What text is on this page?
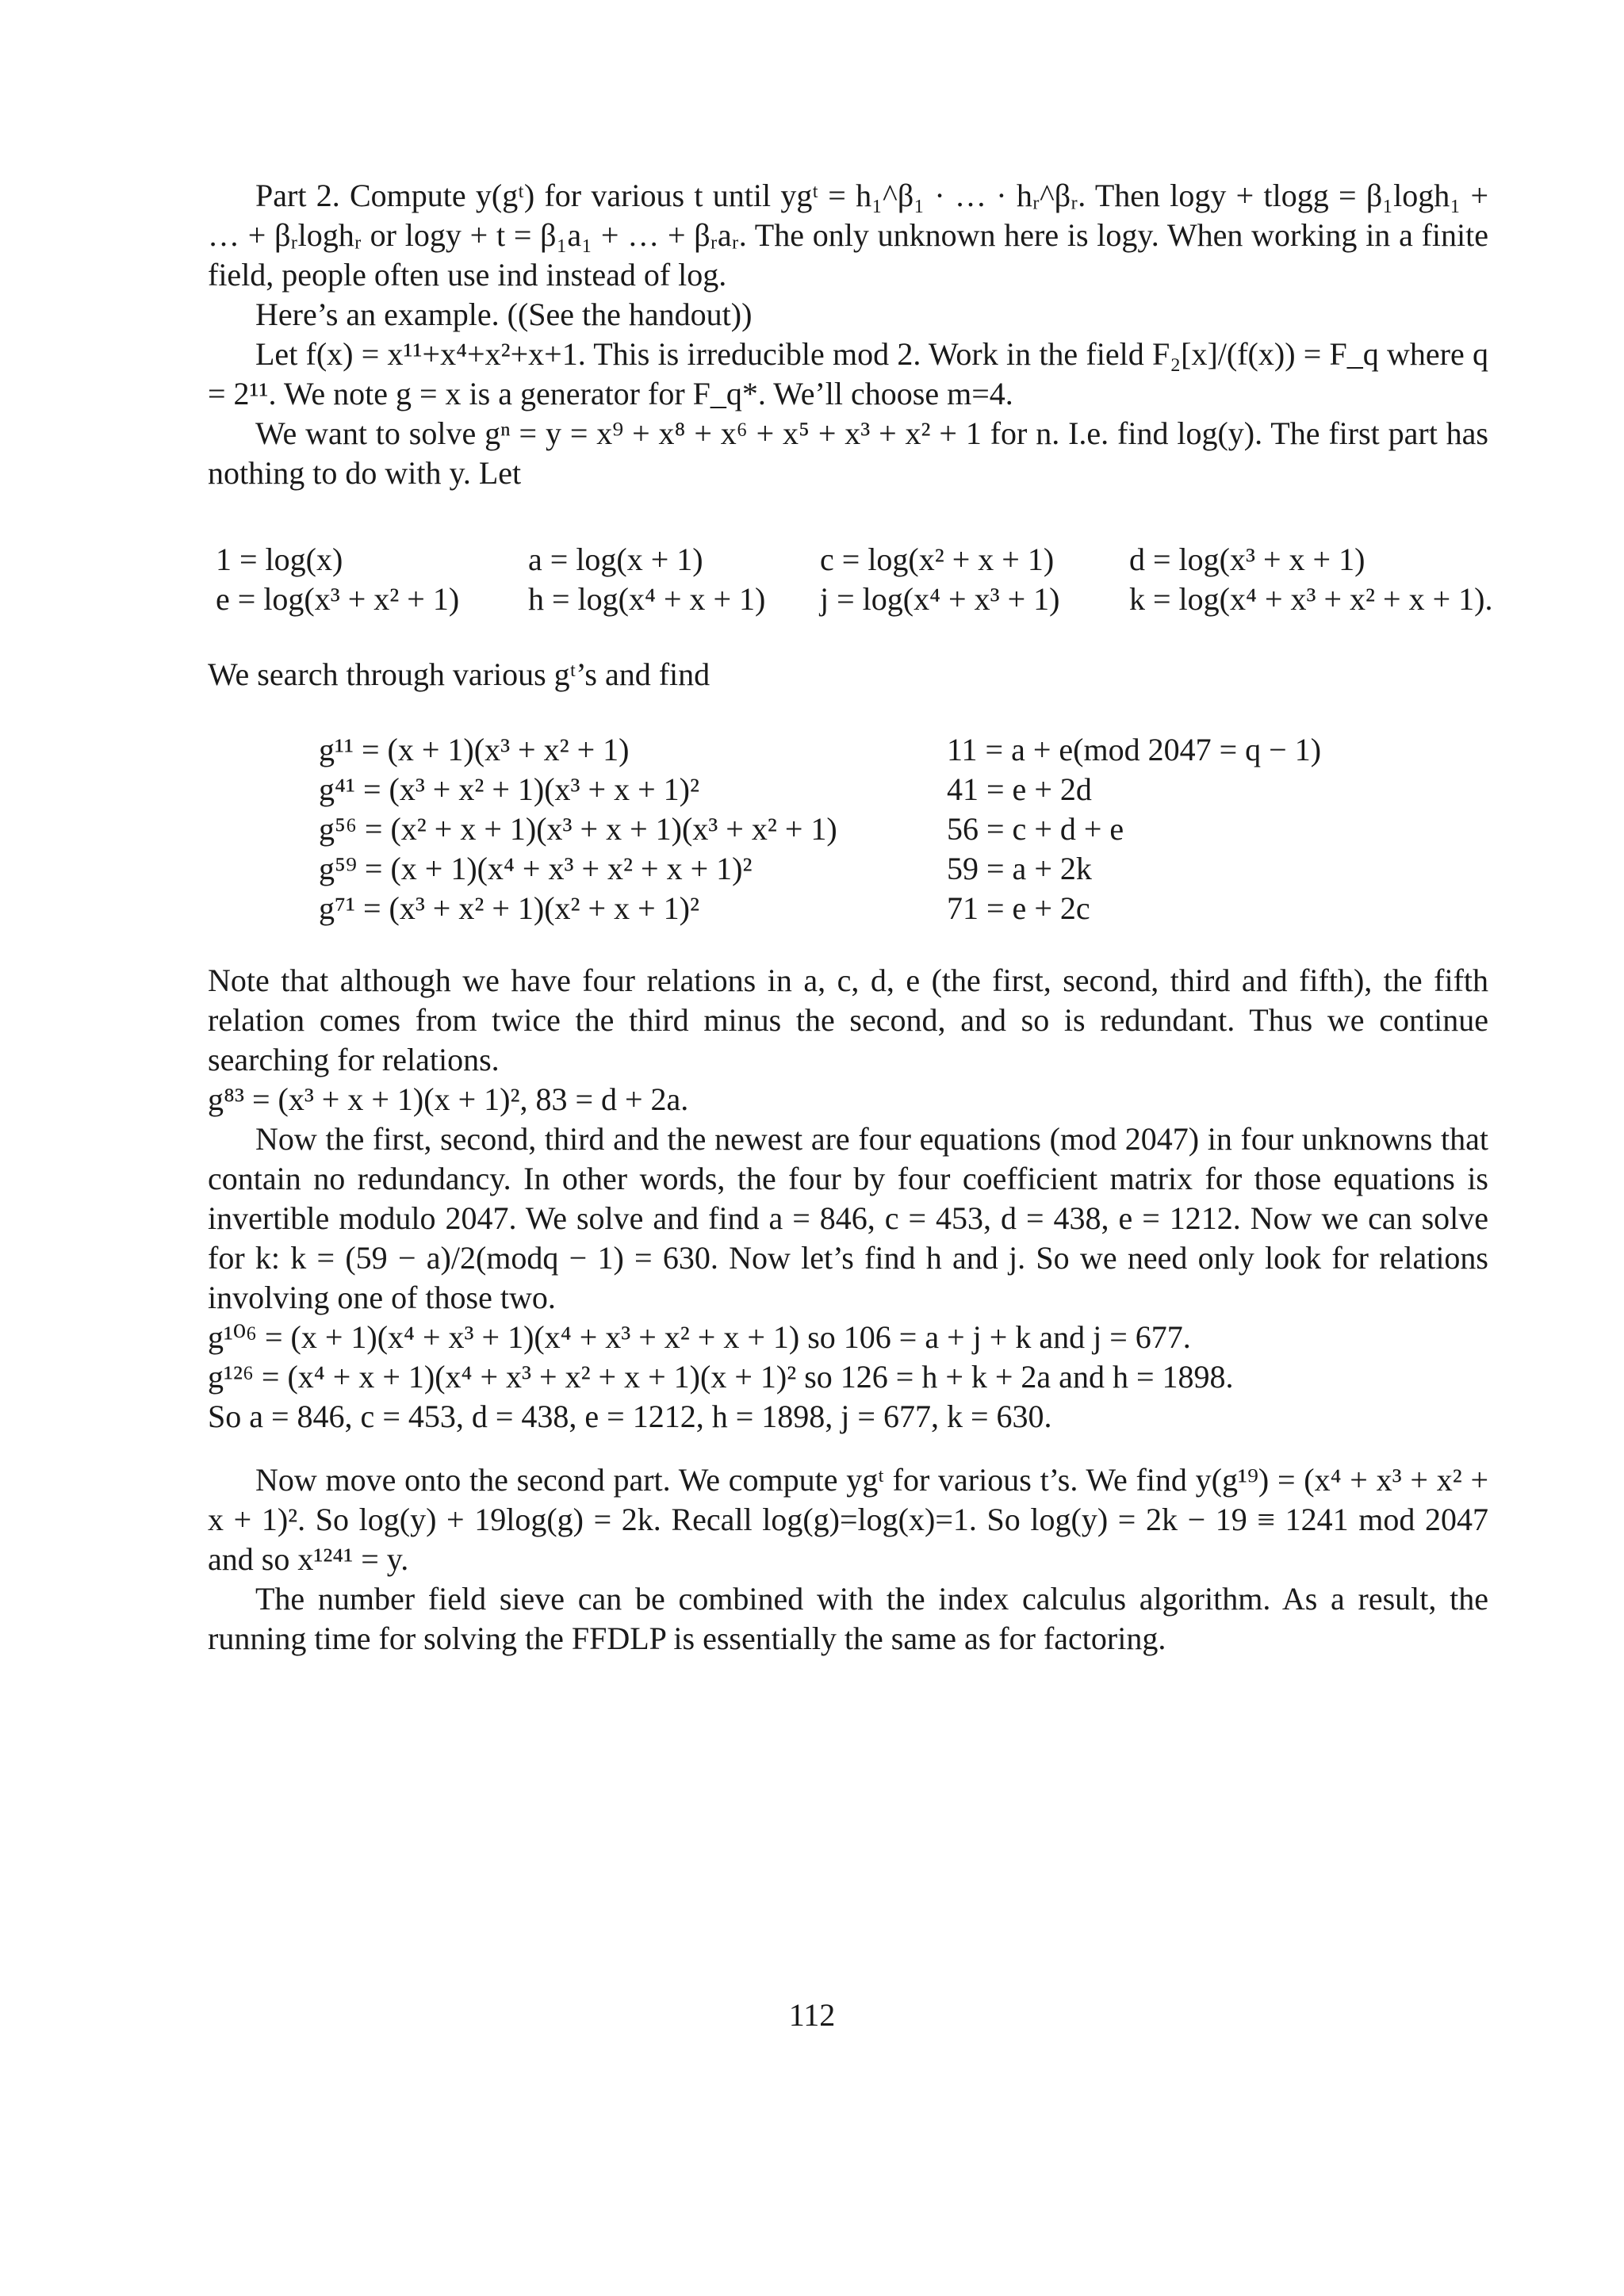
Part 2. Compute y(gᵗ) for various t until ygᵗ = h₁^β₁ · … · hᵣ^βᵣ. Then logy + tlogg = β₁logh₁ + … + βᵣloghᵣ or logy + t = β₁a₁ + … + βᵣaᵣ. The only unknown here is logy. When working in a finite field, people often use ind instead of log.

Here’s an example. ((See the handout))

Let f(x) = x¹¹+x⁴+x²+x+1. This is irreducible mod 2. Work in the field F₂[x]/(f(x)) = F_q where q = 2¹¹. We note g = x is a generator for F_q*. We’ll choose m=4.

We want to solve gⁿ = y = x⁹ + x⁸ + x⁶ + x⁵ + x³ + x² + 1 for n. I.e. find log(y). The first part has nothing to do with y. Let

1 = log(x)	a = log(x + 1)	c = log(x² + x + 1) d = log(x³ + x + 1)
e = log(x³ + x² + 1) h = log(x⁴ + x + 1) j = log(x⁴ + x³ + 1) k = log(x⁴ + x³ + x² + x + 1).

We search through various gᵗ’s and find

g¹¹ = (x + 1)(x³ + x² + 1)	11 = a + e(mod 2047 = q − 1)
g⁴¹ = (x³ + x² + 1)(x³ + x + 1)²	41 = e + 2d
g⁵⁶ = (x² + x + 1)(x³ + x + 1)(x³ + x² + 1)	56 = c + d + e
g⁵⁹ = (x + 1)(x⁴ + x³ + x² + x + 1)²	59 = a + 2k
g⁷¹ = (x³ + x² + 1)(x² + x + 1)²	71 = e + 2c

Note that although we have four relations in a, c, d, e (the first, second, third and fifth), the fifth relation comes from twice the third minus the second, and so is redundant. Thus we continue searching for relations.

g⁸³ = (x³ + x + 1)(x + 1)², 83 = d + 2a.

Now the first, second, third and the newest are four equations (mod 2047) in four unknowns that contain no redundancy. In other words, the four by four coefficient matrix for those equations is invertible modulo 2047. We solve and find a = 846, c = 453, d = 438, e = 1212. Now we can solve for k: k = (59 − a)/2(modq − 1) = 630. Now let’s find h and j. So we need only look for relations involving one of those two.

g¹⁰⁶ = (x + 1)(x⁴ + x³ + 1)(x⁴ + x³ + x² + x + 1) so 106 = a + j + k and j = 677.

g¹²⁶ = (x⁴ + x + 1)(x⁴ + x³ + x² + x + 1)(x + 1)² so 126 = h + k + 2a and h = 1898.

So a = 846, c = 453, d = 438, e = 1212, h = 1898, j = 677, k = 630.

Now move onto the second part. We compute ygᵗ for various t’s. We find y(g¹⁹) = (x⁴ + x³ + x² + x + 1)². So log(y) + 19log(g) = 2k. Recall log(g)=log(x)=1. So log(y) = 2k − 19 ≡ 1241 mod 2047 and so x¹²⁴¹ = y.

The number field sieve can be combined with the index calculus algorithm. As a result, the running time for solving the FFDLP is essentially the same as for factoring.

112
